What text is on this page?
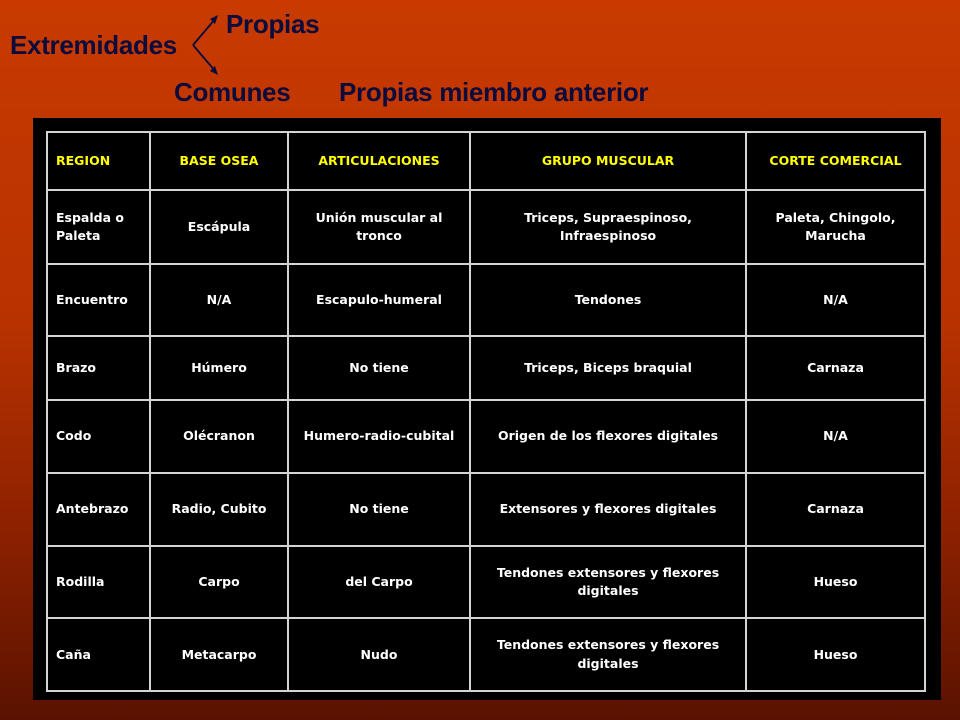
Extremidades
Propias
Comunes Propias miembro anterior
REGION	BASE OSEA	ARTICULACIONES	GRUPO MUSCULAR	CORTE COMERCIAL
Espalda o Paleta	Escápula	Unión muscular al tronco	Triceps, Supraespinoso, Infraespinoso	Paleta, Chingolo, Marucha
Encuentro	N/A	Escapulo-humeral	Tendones	N/A
Brazo	Húmero	No tiene	Triceps, Biceps braquial	Carnaza
Codo	Olécranon	Humero-radio-cubital	Origen de los flexores digitales	N/A
Antebrazo	Radio, Cubito	No tiene	Extensores y flexores digitales	Carnaza
Rodilla	Carpo	del Carpo	Tendones extensores y flexores digitales	Hueso
Caña	Metacarpo	Nudo	Tendones extensores y flexores digitales	Hueso
